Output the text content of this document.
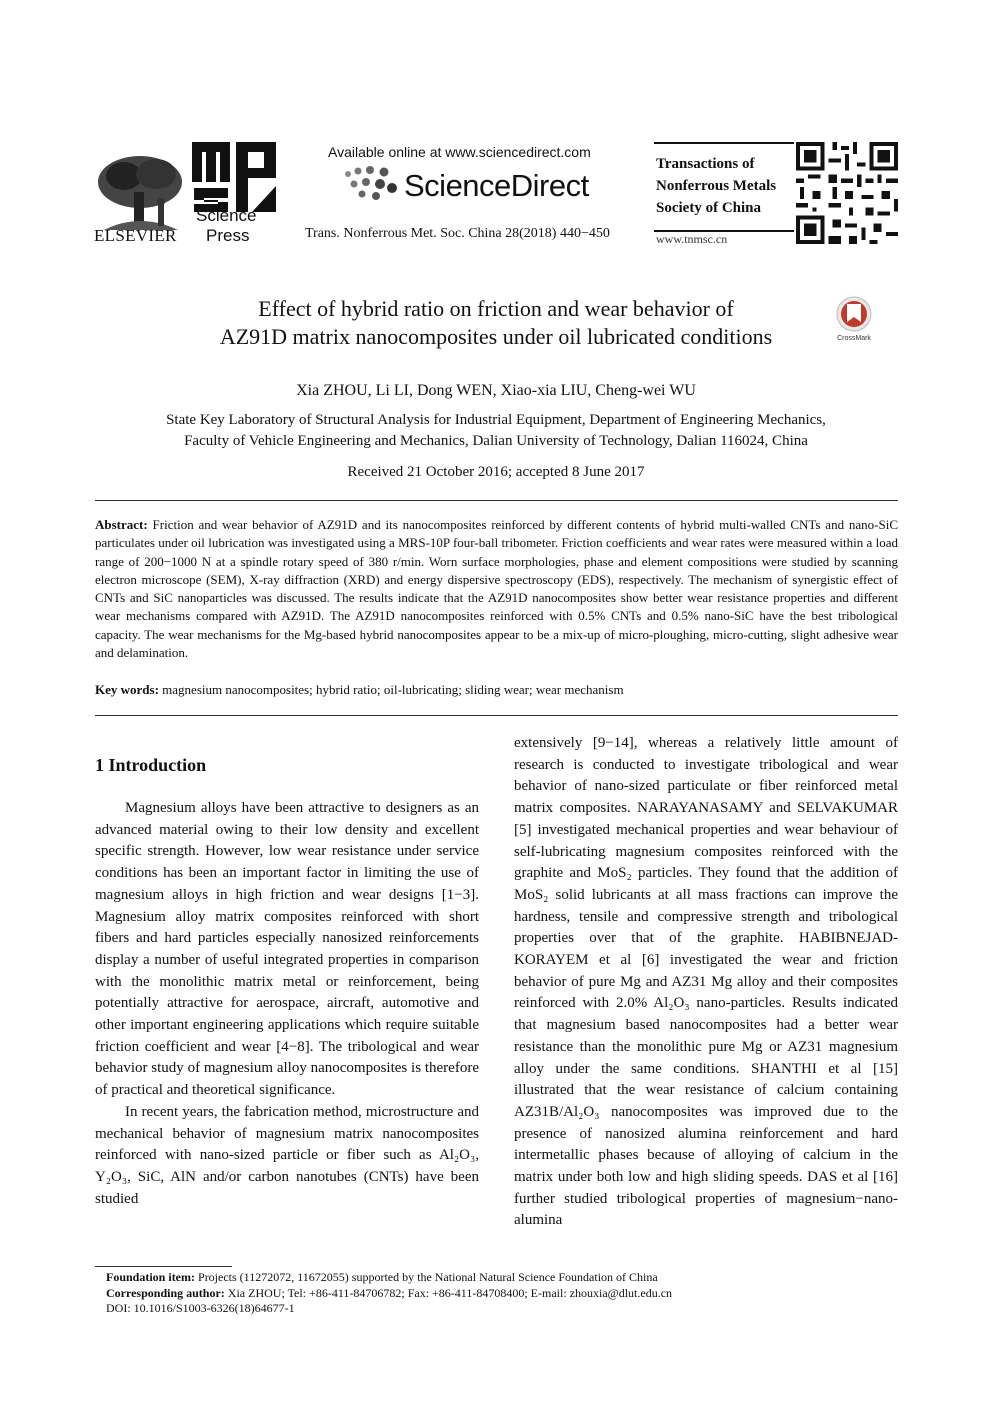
ELSEVIER
Science
Press
Available online at www.sciencedirect.com
ScienceDirect
Trans. Nonferrous Met. Soc. China 28(2018) 440−450
Transactions of
Nonferrous Metals
Society of China
www.tnmsc.cn
Effect of hybrid ratio on friction and wear behavior of
AZ91D matrix nanocomposites under oil lubricated conditions	CrossMark
Xia ZHOU, Li LI, Dong WEN, Xiao-xia LIU, Cheng-wei WU
State Key Laboratory of Structural Analysis for Industrial Equipment, Department of Engineering Mechanics,
Faculty of Vehicle Engineering and Mechanics, Dalian University of Technology, Dalian 116024, China
Received 21 October 2016; accepted 8 June 2017
Abstract: Friction and wear behavior of AZ91D and its nanocomposites reinforced by different contents of hybrid multi-walled CNTs and nano-SiC particulates under oil lubrication was investigated using a MRS-10P four-ball tribometer. Friction coefficients and wear rates were measured within a load range of 200−1000 N at a spindle rotary speed of 380 r/min. Worn surface morphologies, phase and element compositions were studied by scanning electron microscope (SEM), X-ray diffraction (XRD) and energy dispersive spectroscopy (EDS), respectively. The mechanism of synergistic effect of CNTs and SiC nanoparticles was discussed. The results indicate that the AZ91D nanocomposites show better wear resistance properties and different wear mechanisms compared with AZ91D. The AZ91D nanocomposites reinforced with 0.5% CNTs and 0.5% nano-SiC have the best tribological capacity. The wear mechanisms for the Mg-based hybrid nanocomposites appear to be a mix-up of micro-ploughing, micro-cutting, slight adhesive wear and delamination.
Key words: magnesium nanocomposites; hybrid ratio; oil-lubricating; sliding wear; wear mechanism
1 Introduction

Magnesium alloys have been attractive to designers as an advanced material owing to their low density and excellent specific strength. However, low wear resistance under service conditions has been an important factor in limiting the use of magnesium alloys in high friction and wear designs [1−3]. Magnesium alloy matrix composites reinforced with short fibers and hard particles especially nanosized reinforcements display a number of useful integrated properties in comparison with the monolithic matrix metal or reinforcement, being potentially attractive for aerospace, aircraft, automotive and other important engineering applications which require suitable friction coefficient and wear [4−8]. The tribological and wear behavior study of magnesium alloy nanocomposites is therefore of practical and theoretical significance.

In recent years, the fabrication method, microstructure and mechanical behavior of magnesium matrix nanocomposites reinforced with nano-sized particle or fiber such as Al₂O₃, Y₂O₃, SiC, AlN and/or carbon nanotubes (CNTs) have been studied

extensively [9−14], whereas a relatively little amount of research is conducted to investigate tribological and wear behavior of nano-sized particulate or fiber reinforced metal matrix composites. NARAYANASAMY and SELVAKUMAR [5] investigated mechanical properties and wear behaviour of self-lubricating magnesium composites reinforced with the graphite and MoS₂ particles. They found that the addition of MoS₂ solid lubricants at all mass fractions can improve the hardness, tensile and compressive strength and tribological properties over that of the graphite. HABIBNEJAD-KORAYEM et al [6] investigated the wear and friction behavior of pure Mg and AZ31 Mg alloy and their composites reinforced with 2.0% Al₂O₃ nano-particles. Results indicated that magnesium based nanocomposites had a better wear resistance than the monolithic pure Mg or AZ31 magnesium alloy under the same conditions. SHANTHI et al [15] illustrated that the wear resistance of calcium containing AZ31B/Al₂O₃ nanocomposites was improved due to the presence of nanosized alumina reinforcement and hard intermetallic phases because of alloying of calcium in the matrix under both low and high sliding speeds. DAS et al [16] further studied tribological properties of magnesium−nano-alumina

Foundation item: Projects (11272072, 11672055) supported by the National Natural Science Foundation of China
Corresponding author: Xia ZHOU; Tel: +86-411-84706782; Fax: +86-411-84708400; E-mail: zhouxia@dlut.edu.cn
DOI: 10.1016/S1003-6326(18)64677-1
